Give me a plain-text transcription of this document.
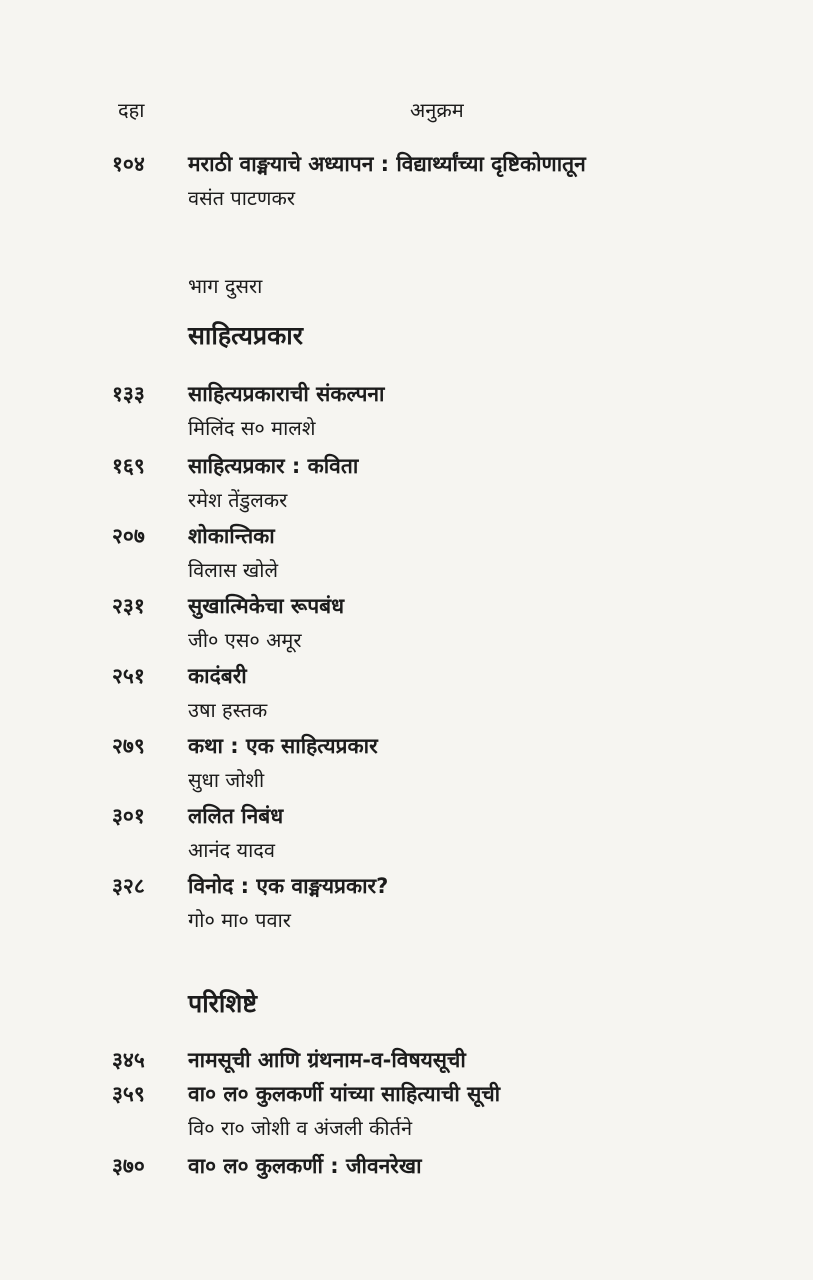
दहा	अनुक्रम
१०४	मराठी वाङ्मयाचे अध्यापन : विद्यार्थ्यांच्या दृष्टिकोणातून
वसंत पाटणकर
भाग दुसरा
साहित्यप्रकार
१३३	साहित्यप्रकाराची संकल्पना
मिलिंद स० मालशे
१६९	साहित्यप्रकार : कविता
रमेश तेंडुलकर
२०७	शोकान्तिका
विलास खोले
२३१	सुखात्मिकेचा रूपबंध
जी० एस० अमूर
२५१	कादंबरी
उषा हस्तक
२७९	कथा : एक साहित्यप्रकार
सुधा जोशी
३०१	ललित निबंध
आनंद यादव
३२८	विनोद : एक वाङ्मयप्रकार?
गो० मा० पवार
परिशिष्टे
३४५	नामसूची आणि ग्रंथनाम-व-विषयसूची
३५९	वा० ल० कुलकर्णी यांच्या साहित्याची सूची
वि० रा० जोशी व अंजली कीर्तने
३७०	वा० ल० कुलकर्णी : जीवनरेखा
